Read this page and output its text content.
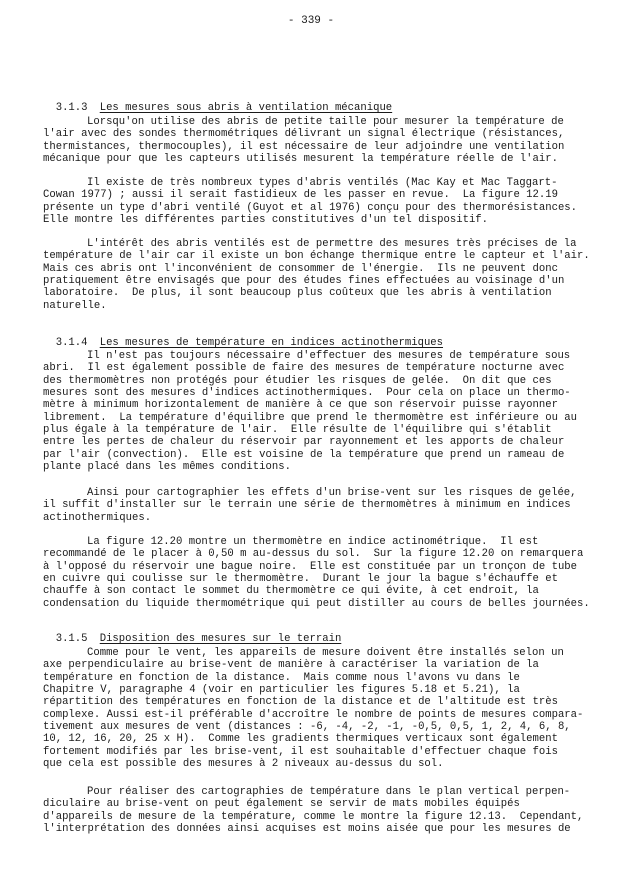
- 339 -

3.1.3 Les mesures sous abris à ventilation mécanique

Lorsqu'on utilise des abris de petite taille pour mesurer la température de
l'air avec des sondes thermométriques délivrant un signal électrique (résistances,
thermistances, thermocouples), il est nécessaire de leur adjoindre une ventilation
mécanique pour que les capteurs utilisés mesurent la température réelle de l'air.
Il existe de très nombreux types d'abris ventilés (Mac Kay et Mac Taggart-
Cowan 1977) ; aussi il serait fastidieux de les passer en revue.  La figure 12.19
présente un type d'abri ventilé (Guyot et al 1976) conçu pour des thermorésistances.
Elle montre les différentes parties constitutives d'un tel dispositif.
L'intérêt des abris ventilés est de permettre des mesures très précises de la
température de l'air car il existe un bon échange thermique entre le capteur et l'air.
Mais ces abris ont l'inconvénient de consommer de l'énergie.  Ils ne peuvent donc
pratiquement être envisagés que pour des études fines effectuées au voisinage d'un
laboratoire.  De plus, il sont beaucoup plus coûteux que les abris à ventilation
naturelle.

3.1.4 Les mesures de température en indices actinothermiques

Il n'est pas toujours nécessaire d'effectuer des mesures de température sous
abri.  Il est également possible de faire des mesures de température nocturne avec
des thermomètres non protégés pour étudier les risques de gelée.  On dit que ces
mesures sont des mesures d'indices actinothermiques.  Pour cela on place un thermo-
mètre à minimum horizontalement de manière à ce que son réservoir puisse rayonner
librement.  La température d'équilibre que prend le thermomètre est inférieure ou au
plus égale à la température de l'air.  Elle résulte de l'équilibre qui s'établit
entre les pertes de chaleur du réservoir par rayonnement et les apports de chaleur
par l'air (convection).  Elle est voisine de la température que prend un rameau de
plante placé dans les mêmes conditions.
Ainsi pour cartographier les effets d'un brise-vent sur les risques de gelée,
il suffit d'installer sur le terrain une série de thermomètres à minimum en indices
actinothermiques.
La figure 12.20 montre un thermomètre en indice actinométrique.  Il est
recommandé de le placer à 0,50 m au-dessus du sol.  Sur la figure 12.20 on remarquera
à l'opposé du réservoir une bague noire.  Elle est constituée par un tronçon de tube
en cuivre qui coulisse sur le thermomètre.  Durant le jour la bague s'échauffe et
chauffe à son contact le sommet du thermomètre ce qui évite, à cet endroit, la
condensation du liquide thermométrique qui peut distiller au cours de belles journées.

3.1.5 Disposition des mesures sur le terrain

Comme pour le vent, les appareils de mesure doivent être installés selon un
axe perpendiculaire au brise-vent de manière à caractériser la variation de la
température en fonction de la distance.  Mais comme nous l'avons vu dans le
Chapitre V, paragraphe 4 (voir en particulier les figures 5.18 et 5.21), la
répartition des températures en fonction de la distance et de l'altitude est très
complexe. Aussi est-il préférable d'accroître le nombre de points de mesures compara-
tivement aux mesures de vent (distances : -6, -4, -2, -1, -0,5, 0,5, 1, 2, 4, 6, 8,
10, 12, 16, 20, 25 x H).  Comme les gradients thermiques verticaux sont également
fortement modifiés par les brise-vent, il est souhaitable d'effectuer chaque fois
que cela est possible des mesures à 2 niveaux au-dessus du sol.
Pour réaliser des cartographies de température dans le plan vertical perpen-
diculaire au brise-vent on peut également se servir de mats mobiles équipés
d'appareils de mesure de la température, comme le montre la figure 12.13.  Cependant,
l'interprétation des données ainsi acquises est moins aisée que pour les mesures de
